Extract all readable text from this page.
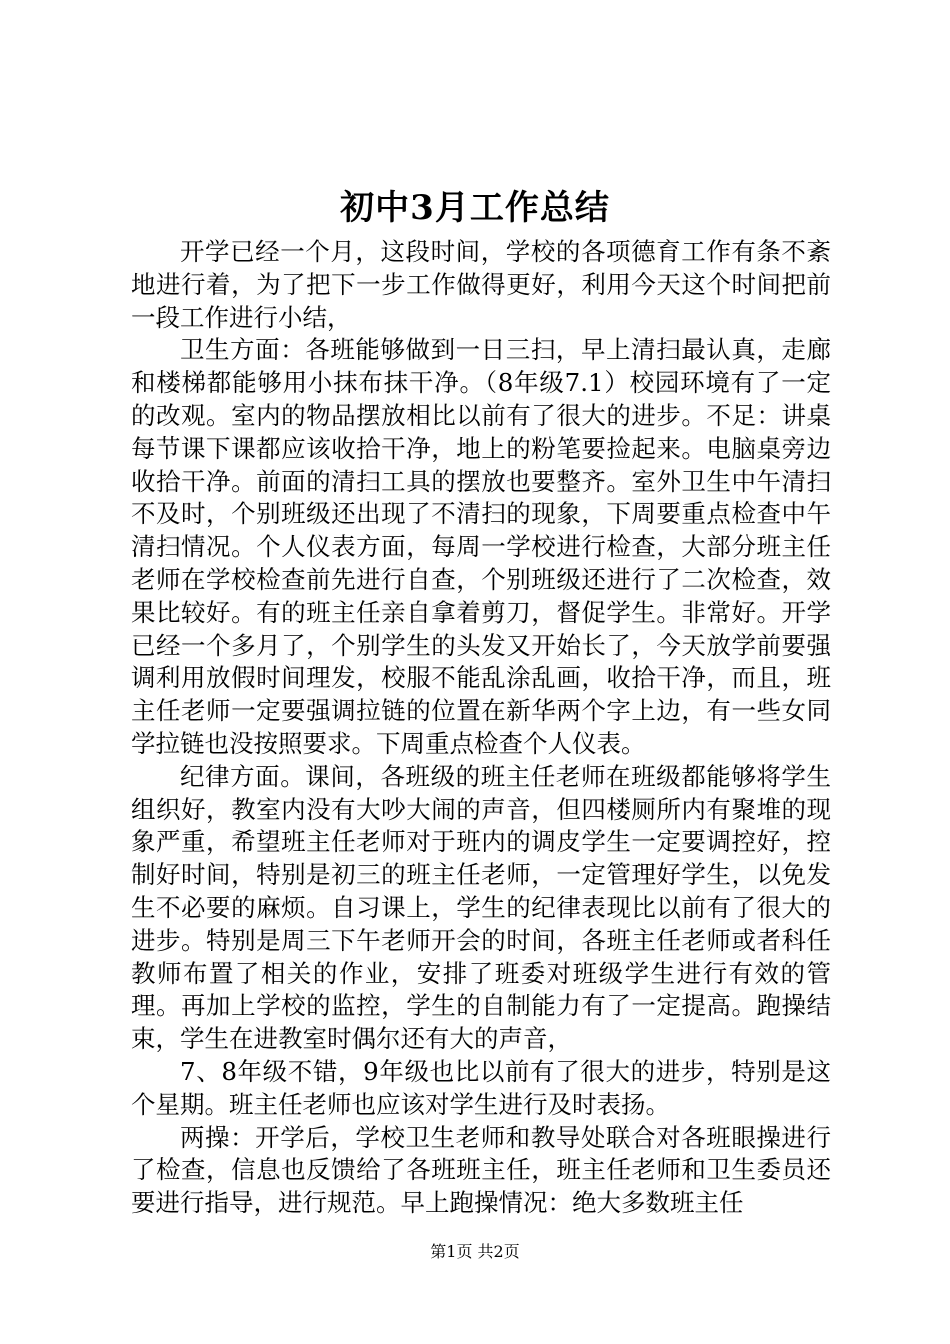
初中3月工作总结

开学已经一个月，这段时间，学校的各项德育工作有条不紊地进行着，为了把下一步工作做得更好，利用今天这个时间把前一段工作进行小结，

卫生方面：各班能够做到一日三扫，早上清扫最认真，走廊和楼梯都能够用小抹布抹干净。（8年级7.1）校园环境有了一定的改观。室内的物品摆放相比以前有了很大的进步。不足：讲桌每节课下课都应该收拾干净，地上的粉笔要捡起来。电脑桌旁边收拾干净。前面的清扫工具的摆放也要整齐。室外卫生中午清扫不及时，个别班级还出现了不清扫的现象，下周要重点检查中午清扫情况。个人仪表方面，每周一学校进行检查，大部分班主任老师在学校检查前先进行自查，个别班级还进行了二次检查，效果比较好。有的班主任亲自拿着剪刀，督促学生。非常好。开学已经一个多月了，个别学生的头发又开始长了，今天放学前要强调利用放假时间理发，校服不能乱涂乱画，收拾干净，而且，班主任老师一定要强调拉链的位置在新华两个字上边，有一些女同学拉链也没按照要求。下周重点检查个人仪表。

纪律方面。课间，各班级的班主任老师在班级都能够将学生组织好，教室内没有大吵大闹的声音，但四楼厕所内有聚堆的现象严重，希望班主任老师对于班内的调皮学生一定要调控好，控制好时间，特别是初三的班主任老师，一定管理好学生，以免发生不必要的麻烦。自习课上，学生的纪律表现比以前有了很大的进步。特别是周三下午老师开会的时间，各班主任老师或者科任教师布置了相关的作业，安排了班委对班级学生进行有效的管理。再加上学校的监控，学生的自制能力有了一定提高。跑操结束，学生在进教室时偶尔还有大的声音，

7、8年级不错，9年级也比以前有了很大的进步，特别是这个星期。班主任老师也应该对学生进行及时表扬。

两操：开学后，学校卫生老师和教导处联合对各班眼操进行了检查，信息也反馈给了各班班主任，班主任老师和卫生委员还要进行指导，进行规范。早上跑操情况：绝大多数班主任

第1页 共2页
